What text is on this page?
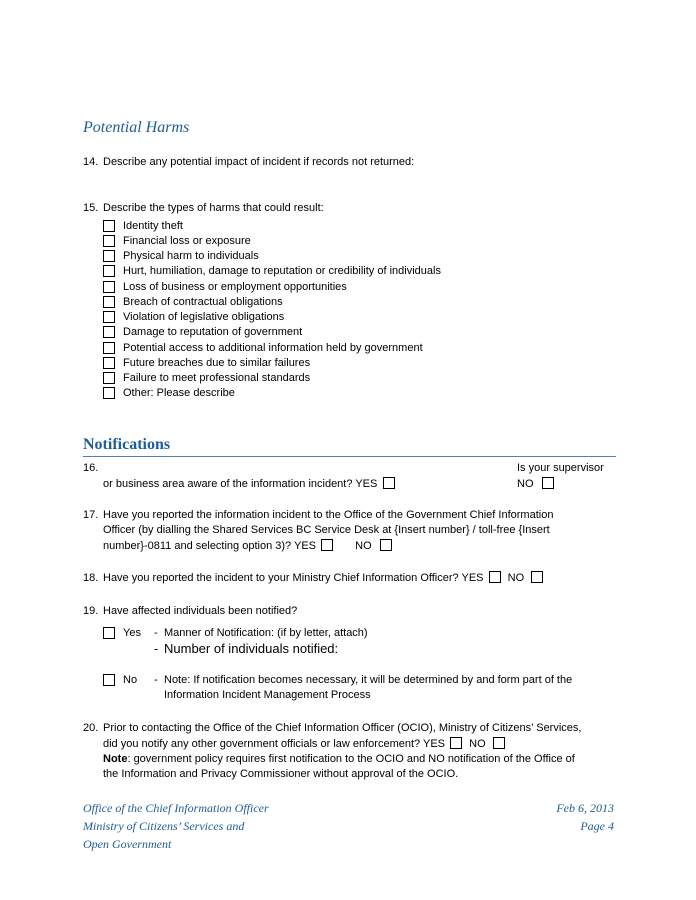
Potential Harms
14. Describe any potential impact of incident if records not returned:
15. Describe the types of harms that could result:
Identity theft
Financial loss or exposure
Physical harm to individuals
Hurt, humiliation, damage to reputation or credibility of individuals
Loss of business or employment opportunities
Breach of contractual obligations
Violation of legislative obligations
Damage to reputation of government
Potential access to additional information held by government
Future breaches due to similar failures
Failure to meet professional standards
Other: Please describe
Notifications
16.	Is your supervisor
or business area aware of the information incident? YES	NO
17. Have you reported the information incident to the Office of the Government Chief Information
Officer (by dialling the Shared Services BC Service Desk at {Insert number} / toll-free {Insert
number}-0811 and selecting option 3)? YES	NO
18. Have you reported the incident to your Ministry Chief Information Officer? YES NO
19. Have affected individuals been notified?
Yes - Manner of Notification: (if by letter, attach)
- Number of individuals notified:
No - Note: If notification becomes necessary, it will be determined by and form part of the
Information Incident Management Process
20. Prior to contacting the Office of the Chief Information Officer (OCIO), Ministry of Citizens’ Services,
did you notify any other government officials or law enforcement? YES NO
Note: government policy requires first notification to the OCIO and NO notification of the Office of
the Information and Privacy Commissioner without approval of the OCIO.
Office of the Chief Information Officer
Ministry of Citizens’ Services and
Open Government
Feb 6, 2013
Page 4
